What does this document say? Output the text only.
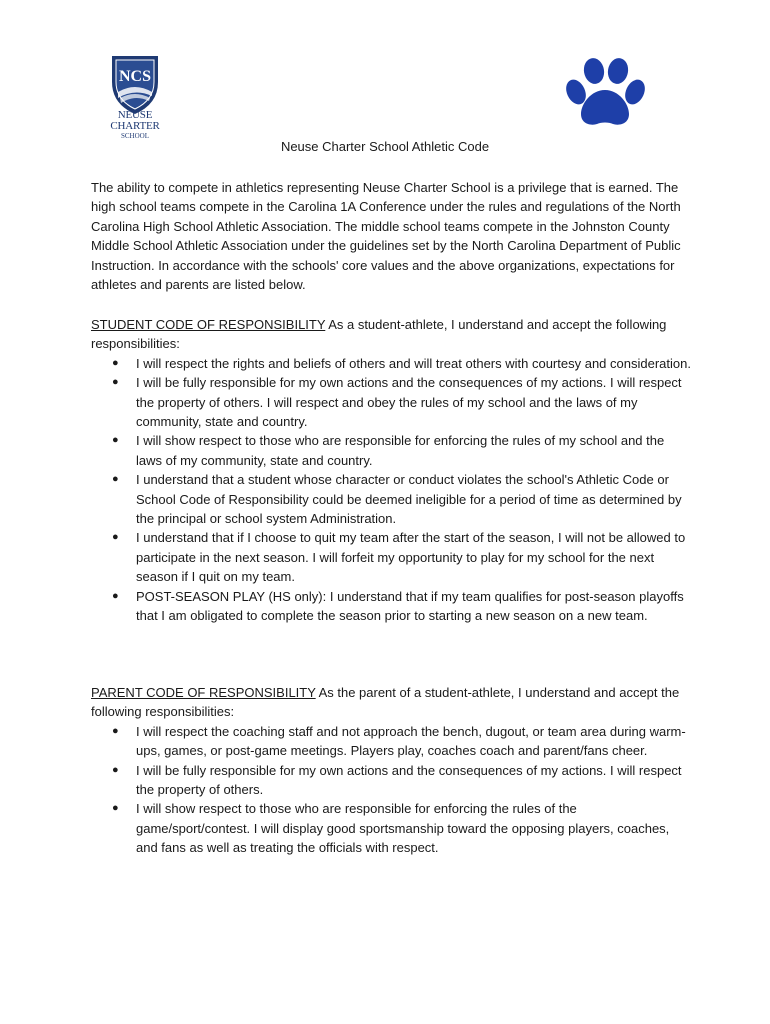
NCS
NEUSE CHARTER
SCHOOL
Neuse Charter School Athletic Code

The ability to compete in athletics representing Neuse Charter School is a privilege that is earned. The high school teams compete in the Carolina 1A Conference under the rules and regulations of the North Carolina High School Athletic Association. The middle school teams compete in the Johnston County Middle School Athletic Association under the guidelines set by the North Carolina Department of Public Instruction. In accordance with the schools' core values and the above organizations, expectations for athletes and parents are listed below.

STUDENT CODE OF RESPONSIBILITY As a student-athlete, I understand and accept the following responsibilities:
● I will respect the rights and beliefs of others and will treat others with courtesy and consideration.
● I will be fully responsible for my own actions and the consequences of my actions. I will respect the property of others. I will respect and obey the rules of my school and the laws of my community, state and country.
● I will show respect to those who are responsible for enforcing the rules of my school and the laws of my community, state and country.
● I understand that a student whose character or conduct violates the school's Athletic Code or School Code of Responsibility could be deemed ineligible for a period of time as determined by the principal or school system Administration.
● I understand that if I choose to quit my team after the start of the season, I will not be allowed to participate in the next season. I will forfeit my opportunity to play for my school for the next season if I quit on my team.
● POST-SEASON PLAY (HS only): I understand that if my team qualifies for post-season playoffs that I am obligated to complete the season prior to starting a new season on a new team.
PARENT CODE OF RESPONSIBILITY As the parent of a student-athlete, I understand and accept the following responsibilities:
● I will respect the coaching staff and not approach the bench, dugout, or team area during warm-ups, games, or post-game meetings. Players play, coaches coach and parent/fans cheer.
● I will be fully responsible for my own actions and the consequences of my actions. I will respect the property of others.
● I will show respect to those who are responsible for enforcing the rules of the game/sport/contest. I will display good sportsmanship toward the opposing players, coaches, and fans as well as treating the officials with respect.
